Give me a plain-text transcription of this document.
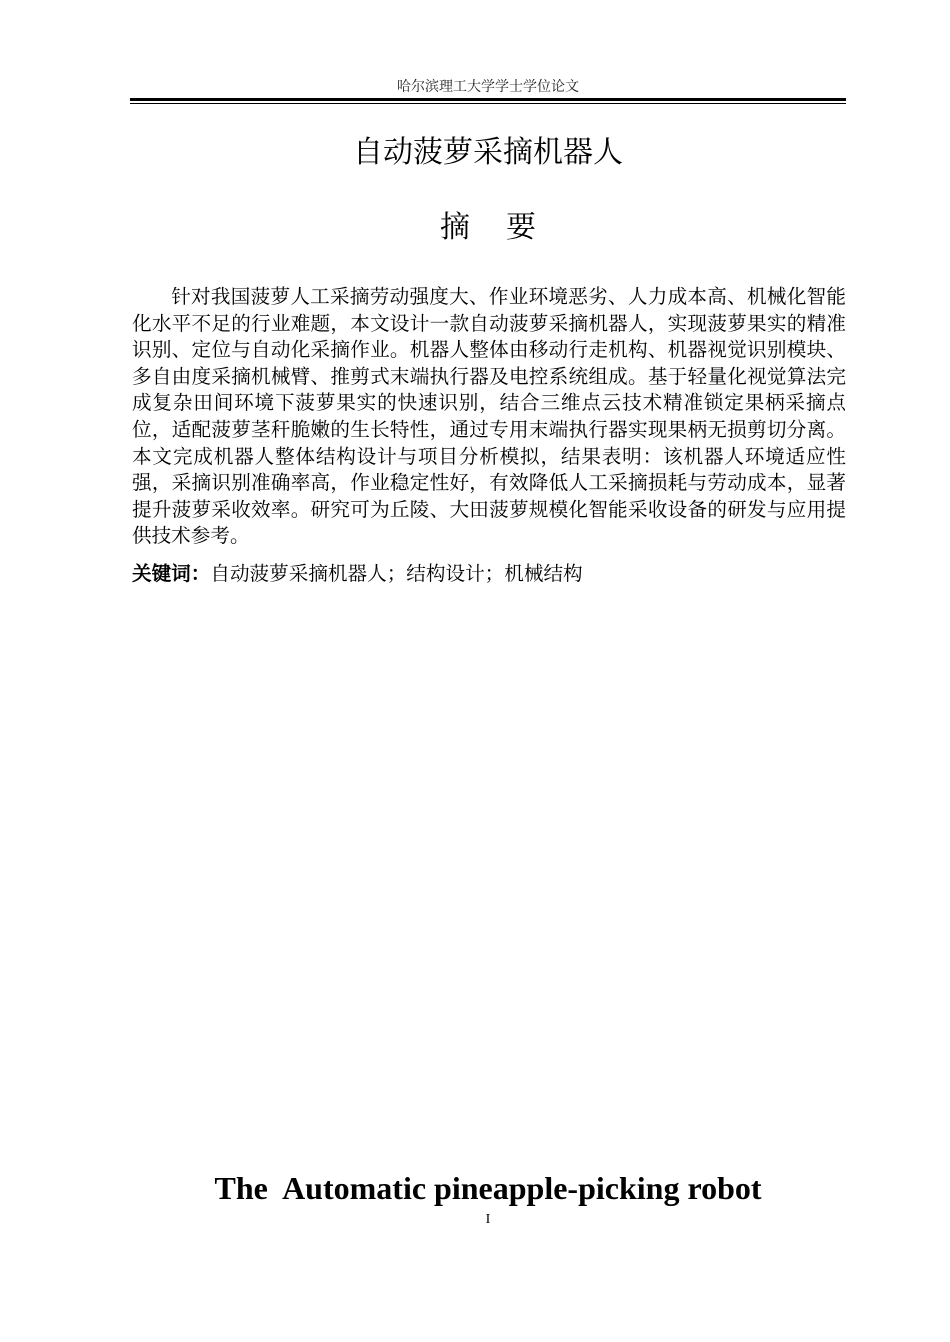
哈尔滨理工大学学士学位论文
自动菠萝采摘机器人
摘 要

针对我国菠萝人工采摘劳动强度大、作业环境恶劣、人力成本高、机械化智能化水平不足的行业难题，本文设计一款自动菠萝采摘机器人，实现菠萝果实的精准识别、定位与自动化采摘作业。机器人整体由移动行走机构、机器视觉识别模块、多自由度采摘机械臂、推剪式末端执行器及电控系统组成。基于轻量化视觉算法完成复杂田间环境下菠萝果实的快速识别，结合三维点云技术精准锁定果柄采摘点位，适配菠萝茎秆脆嫩的生长特性，通过专用末端执行器实现果柄无损剪切分离。本文完成机器人整体结构设计与项目分析模拟，结果表明：该机器人环境适应性强，采摘识别准确率高，作业稳定性好，有效降低人工采摘损耗与劳动成本，显著提升菠萝采收效率。研究可为丘陵、大田菠萝规模化智能采收设备的研发与应用提供技术参考。

关键词：自动菠萝采摘机器人；结构设计；机械结构

The  Automatic pineapple-picking robot
I
